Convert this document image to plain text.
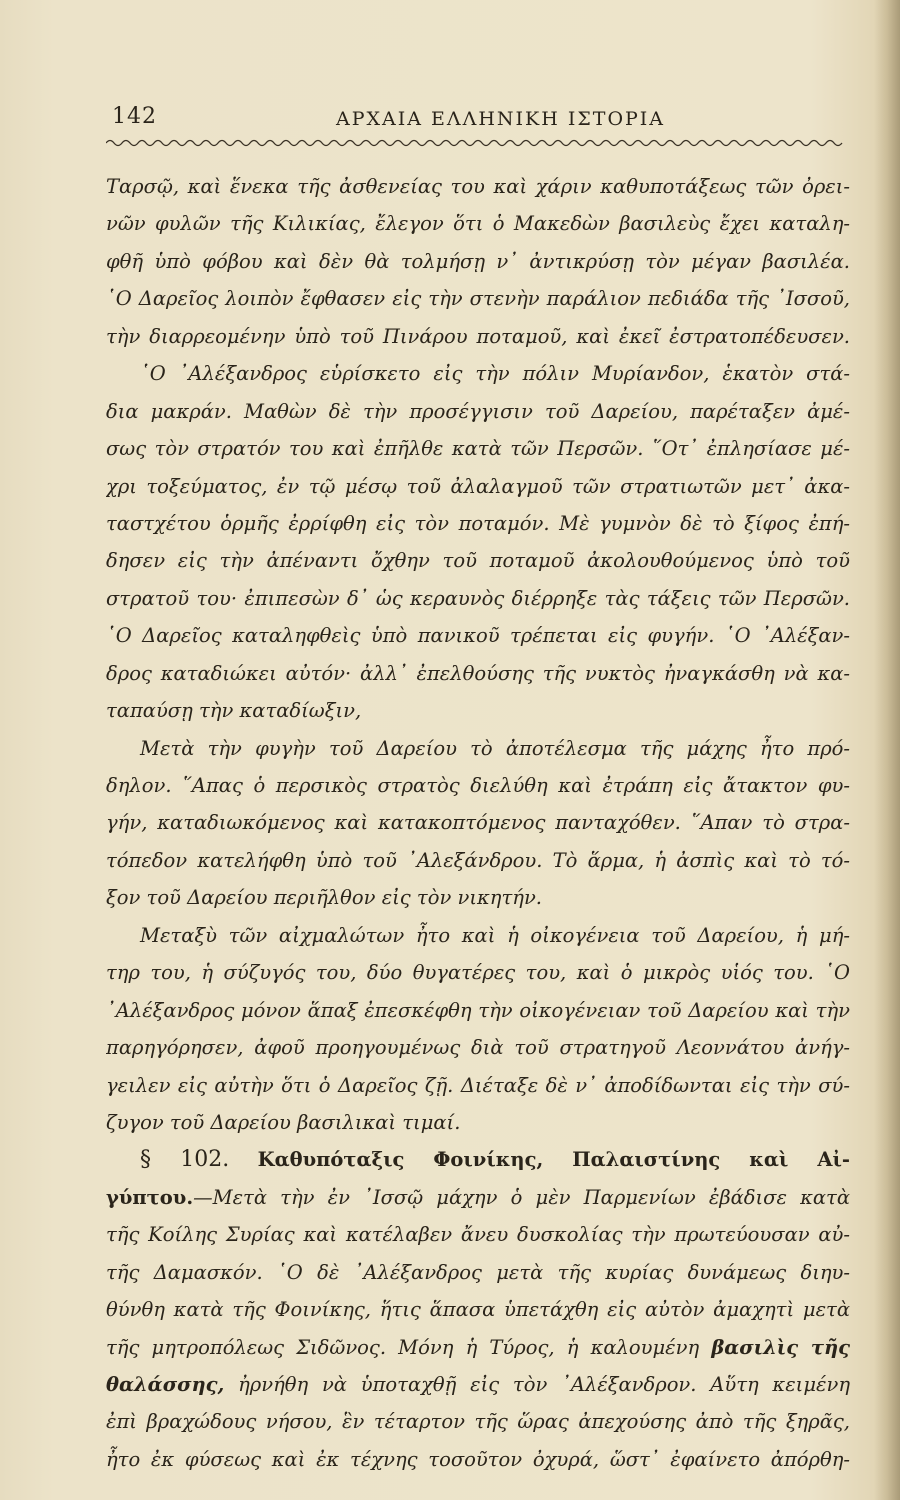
142	ΑΡΧΑΙΑ ΕΛΛΗΝΙΚΗ ΙΣΤΟΡΙΑ
Ταρσῷ, καὶ ἕνεκα τῆς ἀσθενείας του καὶ χάριν καθυποτάξεως τῶν ὀρει-
νῶν φυλῶν τῆς Κιλικίας, ἔλεγον ὅτι ὁ Μακεδὼν βασιλεὺς ἔχει καταλη-
φθῆ ὑπὸ φόβου καὶ δὲν θὰ τολμήσῃ ν᾽ ἀντικρύσῃ τὸν μέγαν βασιλέα.
῾Ο Δαρεῖος λοιπὸν ἔφθασεν εἰς τὴν στενὴν παράλιον πεδιάδα τῆς ᾿Ισσοῦ,
τὴν διαρρεομένην ὑπὸ τοῦ Πινάρου ποταμοῦ, καὶ ἐκεῖ ἐστρατοπέδευσεν.
῾Ο ᾿Αλέξανδρος εὑρίσκετο εἰς τὴν πόλιν Μυρίανδον, ἑκατὸν στά-
δια μακράν. Μαθὼν δὲ τὴν προσέγγισιν τοῦ Δαρείου, παρέταξεν ἀμέ-
σως τὸν στρατόν του καὶ ἐπῆλθε κατὰ τῶν Περσῶν. ῞Οτ᾽ ἐπλησίασε μέ-
χρι τοξεύματος, ἐν τῷ μέσῳ τοῦ ἀλαλαγμοῦ τῶν στρατιωτῶν μετ᾽ ἀκα-
ταστχέτου ὁρμῆς ἐρρίφθη εἰς τὸν ποταμόν. Μὲ γυμνὸν δὲ τὸ ξίφος ἐπή-
δησεν εἰς τὴν ἀπέναντι ὄχθην τοῦ ποταμοῦ ἀκολουθούμενος ὑπὸ τοῦ
στρατοῦ του· ἐπιπεσὼν δ᾽ ὡς κεραυνὸς διέρρηξε τὰς τάξεις τῶν Περσῶν.
῾Ο Δαρεῖος καταληφθεὶς ὑπὸ πανικοῦ τρέπεται εἰς φυγήν. ῾Ο ᾿Αλέξαν-
δρος καταδιώκει αὐτόν· ἀλλ᾽ ἐπελθούσης τῆς νυκτὸς ἠναγκάσθη νὰ κα-
ταπαύσῃ τὴν καταδίωξιν,
Μετὰ τὴν φυγὴν τοῦ Δαρείου τὸ ἀποτέλεσμα τῆς μάχης ἦτο πρό-
δηλον. ῞Απας ὁ περσικὸς στρατὸς διελύθη καὶ ἐτράπη εἰς ἄτακτον φυ-
γήν, καταδιωκόμενος καὶ κατακοπτόμενος πανταχόθεν. ῞Απαν τὸ στρα-
τόπεδον κατελήφθη ὑπὸ τοῦ ᾿Αλεξάνδρου. Τὸ ἅρμα, ἡ ἀσπὶς καὶ τὸ τό-
ξον τοῦ Δαρείου περιῆλθον εἰς τὸν νικητήν.
Μεταξὺ τῶν αἰχμαλώτων ἦτο καὶ ἡ οἰκογένεια τοῦ Δαρείου, ἡ μή-
τηρ του, ἡ σύζυγός του, δύο θυγατέρες του, καὶ ὁ μικρὸς υἱός του. ῾Ο
᾿Αλέξανδρος μόνον ἅπαξ ἐπεσκέφθη τὴν οἰκογένειαν τοῦ Δαρείου καὶ τὴν
παρηγόρησεν, ἀφοῦ προηγουμένως διὰ τοῦ στρατηγοῦ Λεοννάτου ἀνήγ-
γειλεν εἰς αὐτὴν ὅτι ὁ Δαρεῖος ζῇ. Διέταξε δὲ ν᾽ ἀποδίδωνται εἰς τὴν σύ-
ζυγον τοῦ Δαρείου βασιλικαὶ τιμαί.
§ 102. Καθυπόταξις Φοινίκης, Παλαιστίνης καὶ Αἰ-
γύπτου.—Μετὰ τὴν ἐν ᾿Ισσῷ μάχην ὁ μὲν Παρμενίων ἐβάδισε κατὰ
τῆς Κοίλης Συρίας καὶ κατέλαβεν ἄνευ δυσκολίας τὴν πρωτεύουσαν αὐ-
τῆς Δαμασκόν. ῾Ο δὲ ᾿Αλέξανδρος μετὰ τῆς κυρίας δυνάμεως διηυ-
θύνθη κατὰ τῆς Φοινίκης, ἥτις ἅπασα ὑπετάχθη εἰς αὐτὸν ἀμαχητὶ μετὰ
τῆς μητροπόλεως Σιδῶνος. Μόνη ἡ Τύρος, ἡ καλουμένη βασιλὶς τῆς
θαλάσσης, ἠρνήθη νὰ ὑποταχθῇ εἰς τὸν ᾿Αλέξανδρον. Αὕτη κειμένη
ἐπὶ βραχώδους νήσου, ἓν τέταρτον τῆς ὥρας ἀπεχούσης ἀπὸ τῆς ξηρᾶς,
ἦτο ἐκ φύσεως καὶ ἐκ τέχνης τοσοῦτον ὀχυρά, ὥστ᾽ ἐφαίνετο ἀπόρθη-
